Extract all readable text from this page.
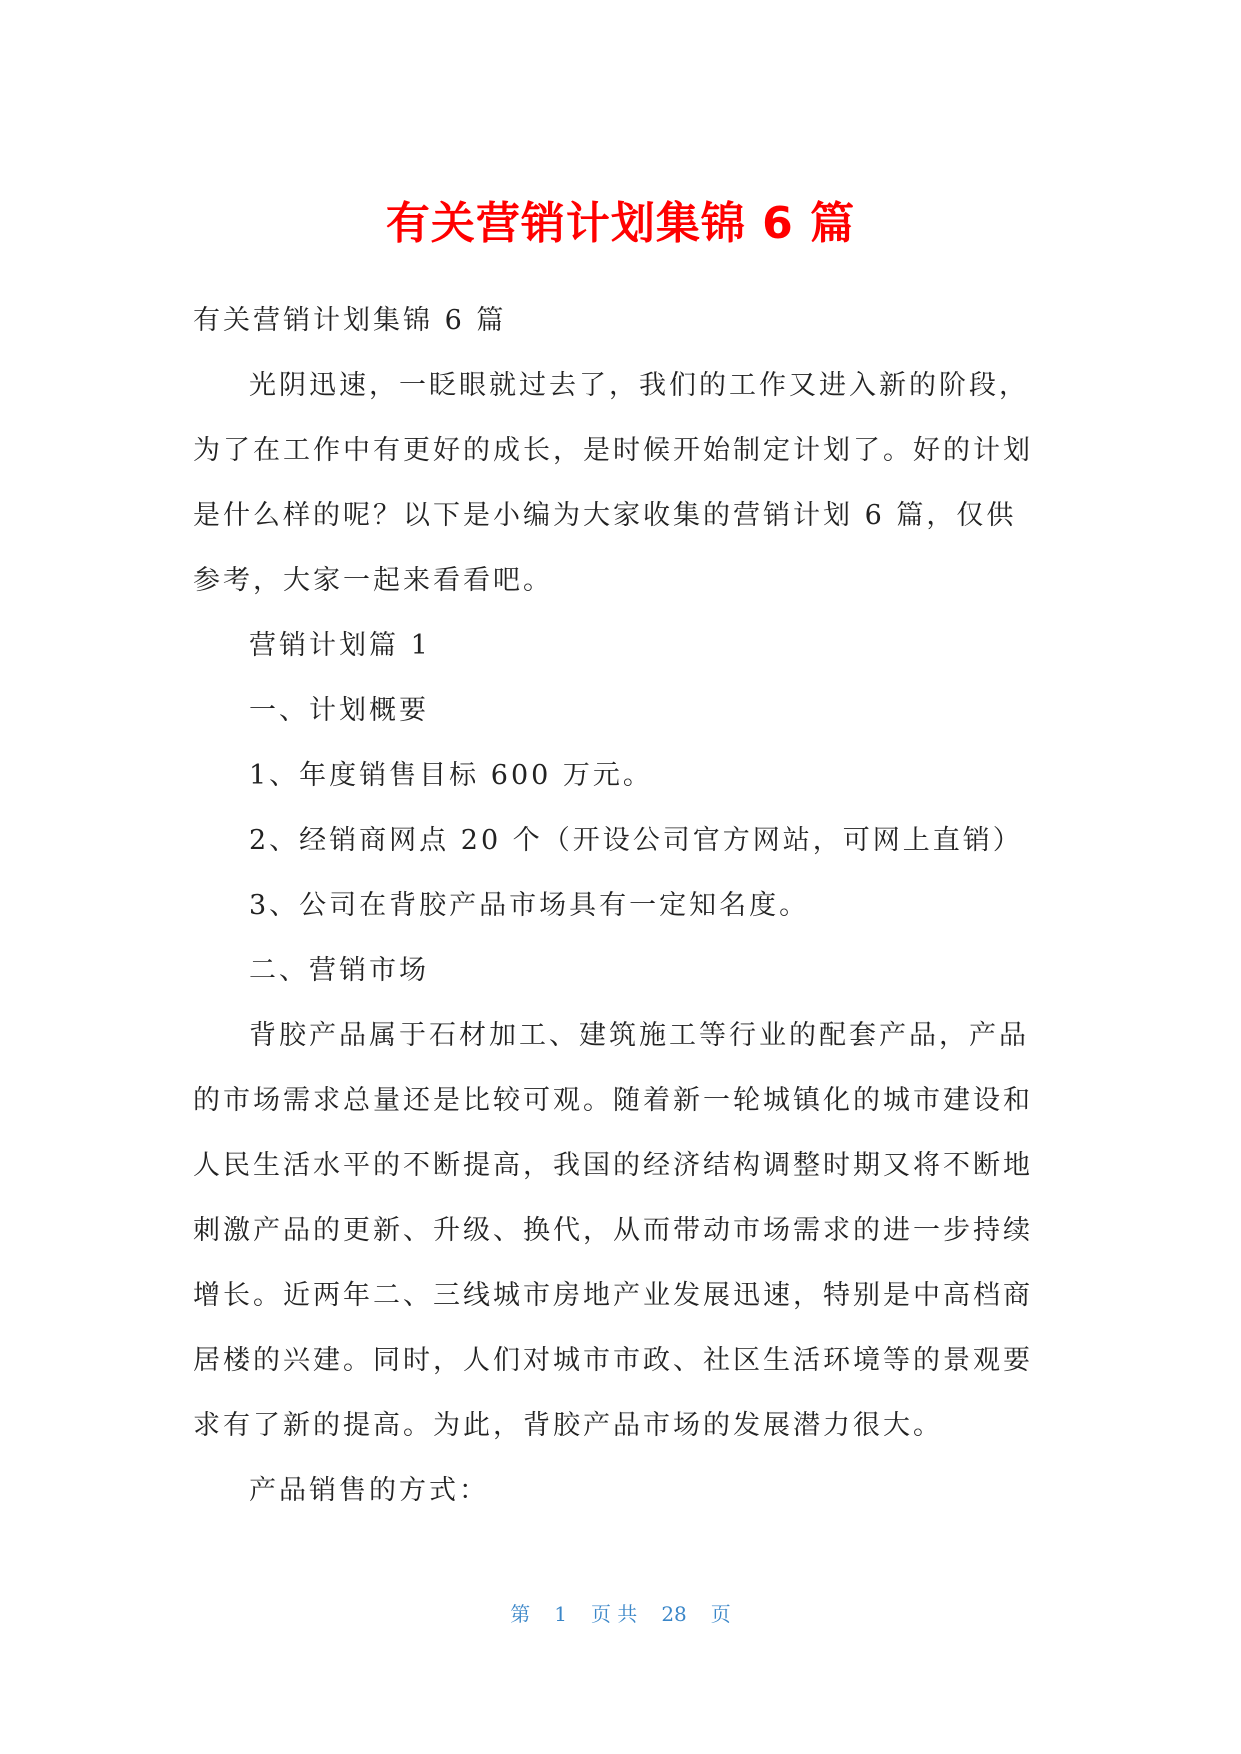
有关营销计划集锦 6 篇

有关营销计划集锦 6 篇

光阴迅速，一眨眼就过去了，我们的工作又进入新的阶段，为了在工作中有更好的成长，是时候开始制定计划了。好的计划是什么样的呢？以下是小编为大家收集的营销计划 6 篇，仅供参考，大家一起来看看吧。

营销计划篇 1

一、计划概要

1、年度销售目标 600 万元。

2、经销商网点 20 个（开设公司官方网站，可网上直销）

3、公司在背胶产品市场具有一定知名度。

二、营销市场

背胶产品属于石材加工、建筑施工等行业的配套产品，产品的市场需求总量还是比较可观。随着新一轮城镇化的城市建设和人民生活水平的不断提高，我国的经济结构调整时期又将不断地刺激产品的更新、升级、换代，从而带动市场需求的进一步持续增长。近两年二、三线城市房地产业发展迅速，特别是中高档商居楼的兴建。同时，人们对城市市政、社区生活环境等的景观要求有了新的提高。为此，背胶产品市场的发展潜力很大。

产品销售的方式：

第 1 页 共 28 页
